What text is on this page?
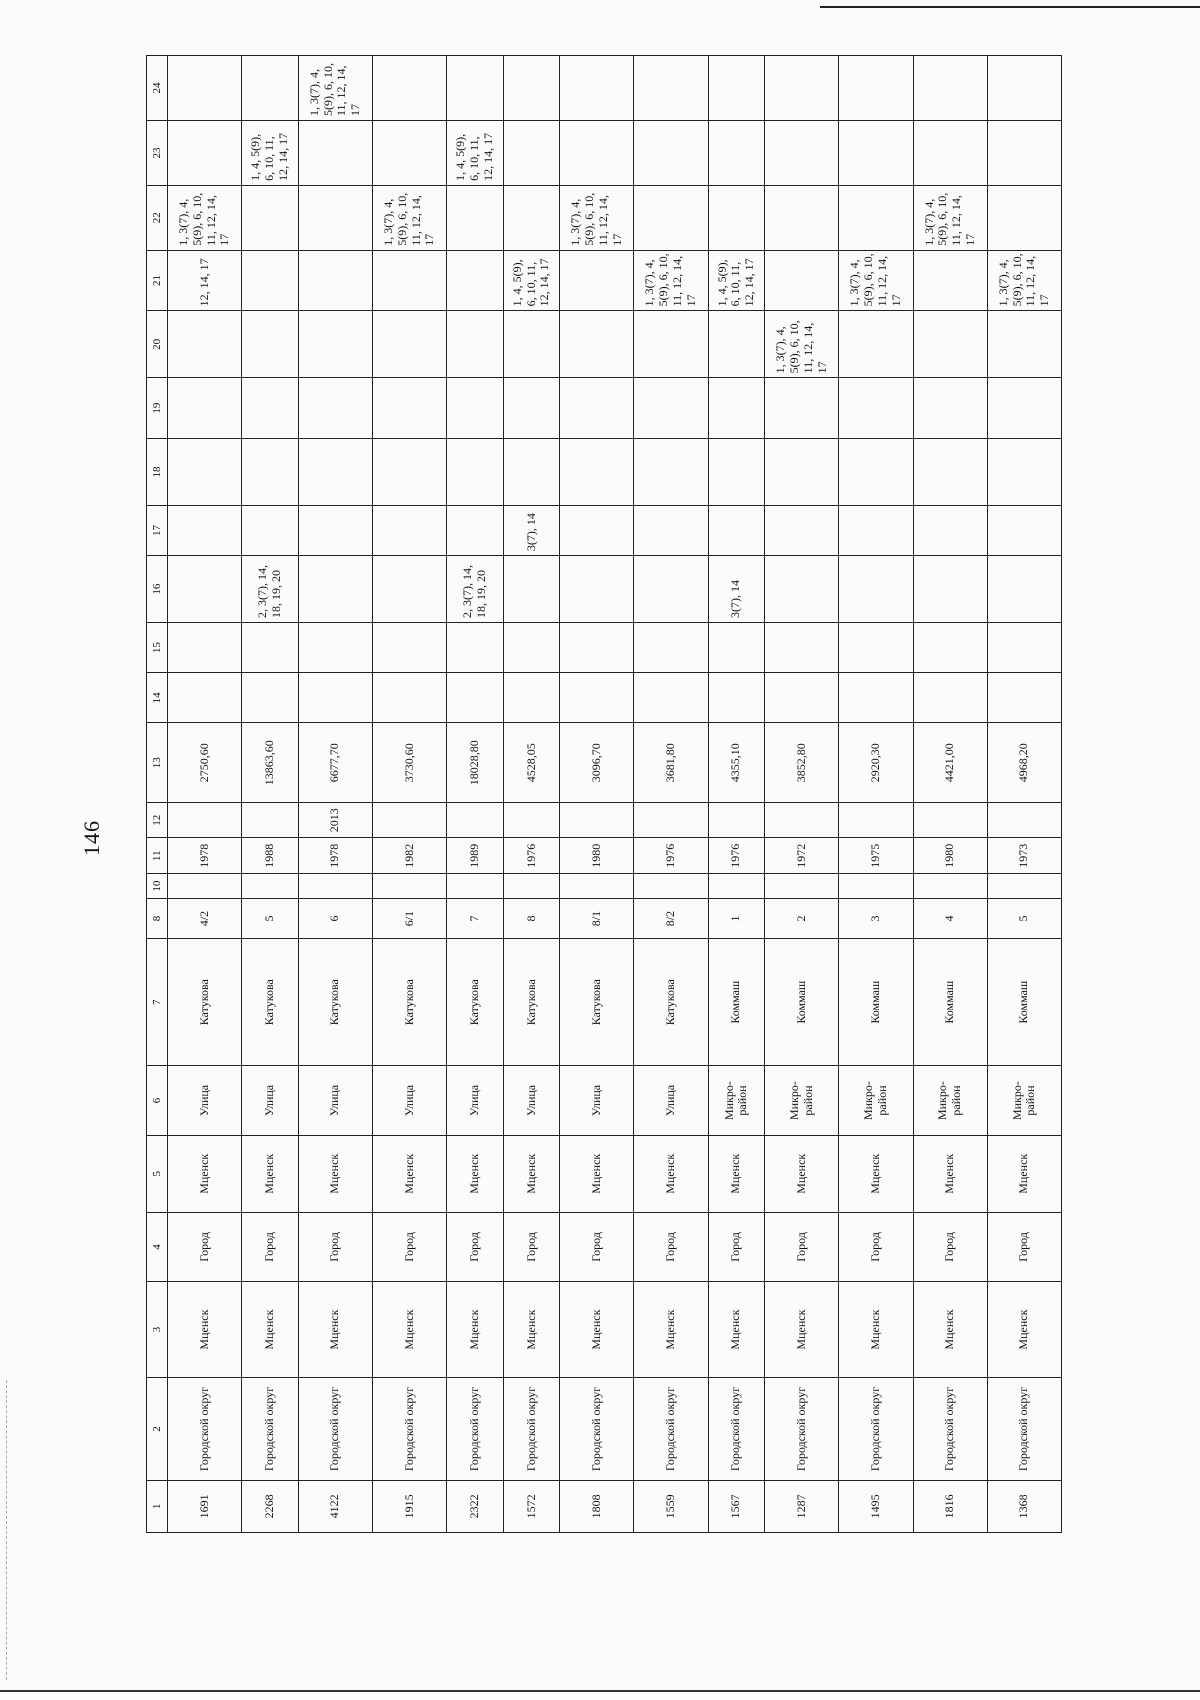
146
1	2	3	4	5	6	7	8	10	11	12	13	14	15	16	17	18	19	20	21	22	23	24
1691	Городской округ	Мценск	Город	Мценск	Улица	Катукова	4/2		1978		2750,60								12, 14, 17	1, 3(7), 4, 5(9), 6, 10, 11, 12, 14, 17		
2268	Городской округ	Мценск	Город	Мценск	Улица	Катукова	5		1988		13863,60			2, 3(7), 14, 18, 19, 20							1, 4, 5(9), 6, 10, 11, 12, 14, 17	
4122	Городской округ	Мценск	Город	Мценск	Улица	Катукова	6		1978	2013	6677,70											1, 3(7), 4, 5(9), 6, 10, 11, 12, 14, 17
1915	Городской округ	Мценск	Город	Мценск	Улица	Катукова	6/1		1982		3730,60									1, 3(7), 4, 5(9), 6, 10, 11, 12, 14, 17		
2322	Городской округ	Мценск	Город	Мценск	Улица	Катукова	7		1989		18028,80			2, 3(7), 14, 18, 19, 20							1, 4, 5(9), 6, 10, 11, 12, 14, 17	
1572	Городской округ	Мценск	Город	Мценск	Улица	Катукова	8		1976		4528,05				3(7), 14				1, 4, 5(9), 6, 10, 11, 12, 14, 17			
1808	Городской округ	Мценск	Город	Мценск	Улица	Катукова	8/1		1980		3096,70									1, 3(7), 4, 5(9), 6, 10, 11, 12, 14, 17		
1559	Городской округ	Мценск	Город	Мценск	Улица	Катукова	8/2		1976		3681,80								1, 3(7), 4, 5(9), 6, 10, 11, 12, 14, 17			
1567	Городской округ	Мценск	Город	Мценск	Микро-район	Коммаш	1		1976		4355,10			3(7), 14					1, 4, 5(9), 6, 10, 11, 12, 14, 17			
1287	Городской округ	Мценск	Город	Мценск	Микро-район	Коммаш	2		1972		3852,80							1, 3(7), 4, 5(9), 6, 10, 11, 12, 14, 17				
1495	Городской округ	Мценск	Город	Мценск	Микро-район	Коммаш	3		1975		2920,30								1, 3(7), 4, 5(9), 6, 10, 11, 12, 14, 17			
1816	Городской округ	Мценск	Город	Мценск	Микро-район	Коммаш	4		1980		4421,00									1, 3(7), 4, 5(9), 6, 10, 11, 12, 14, 17		
1368	Городской округ	Мценск	Город	Мценск	Микро-район	Коммаш	5		1973		4968,20								1, 3(7), 4, 5(9), 6, 10, 11, 12, 14, 17			
